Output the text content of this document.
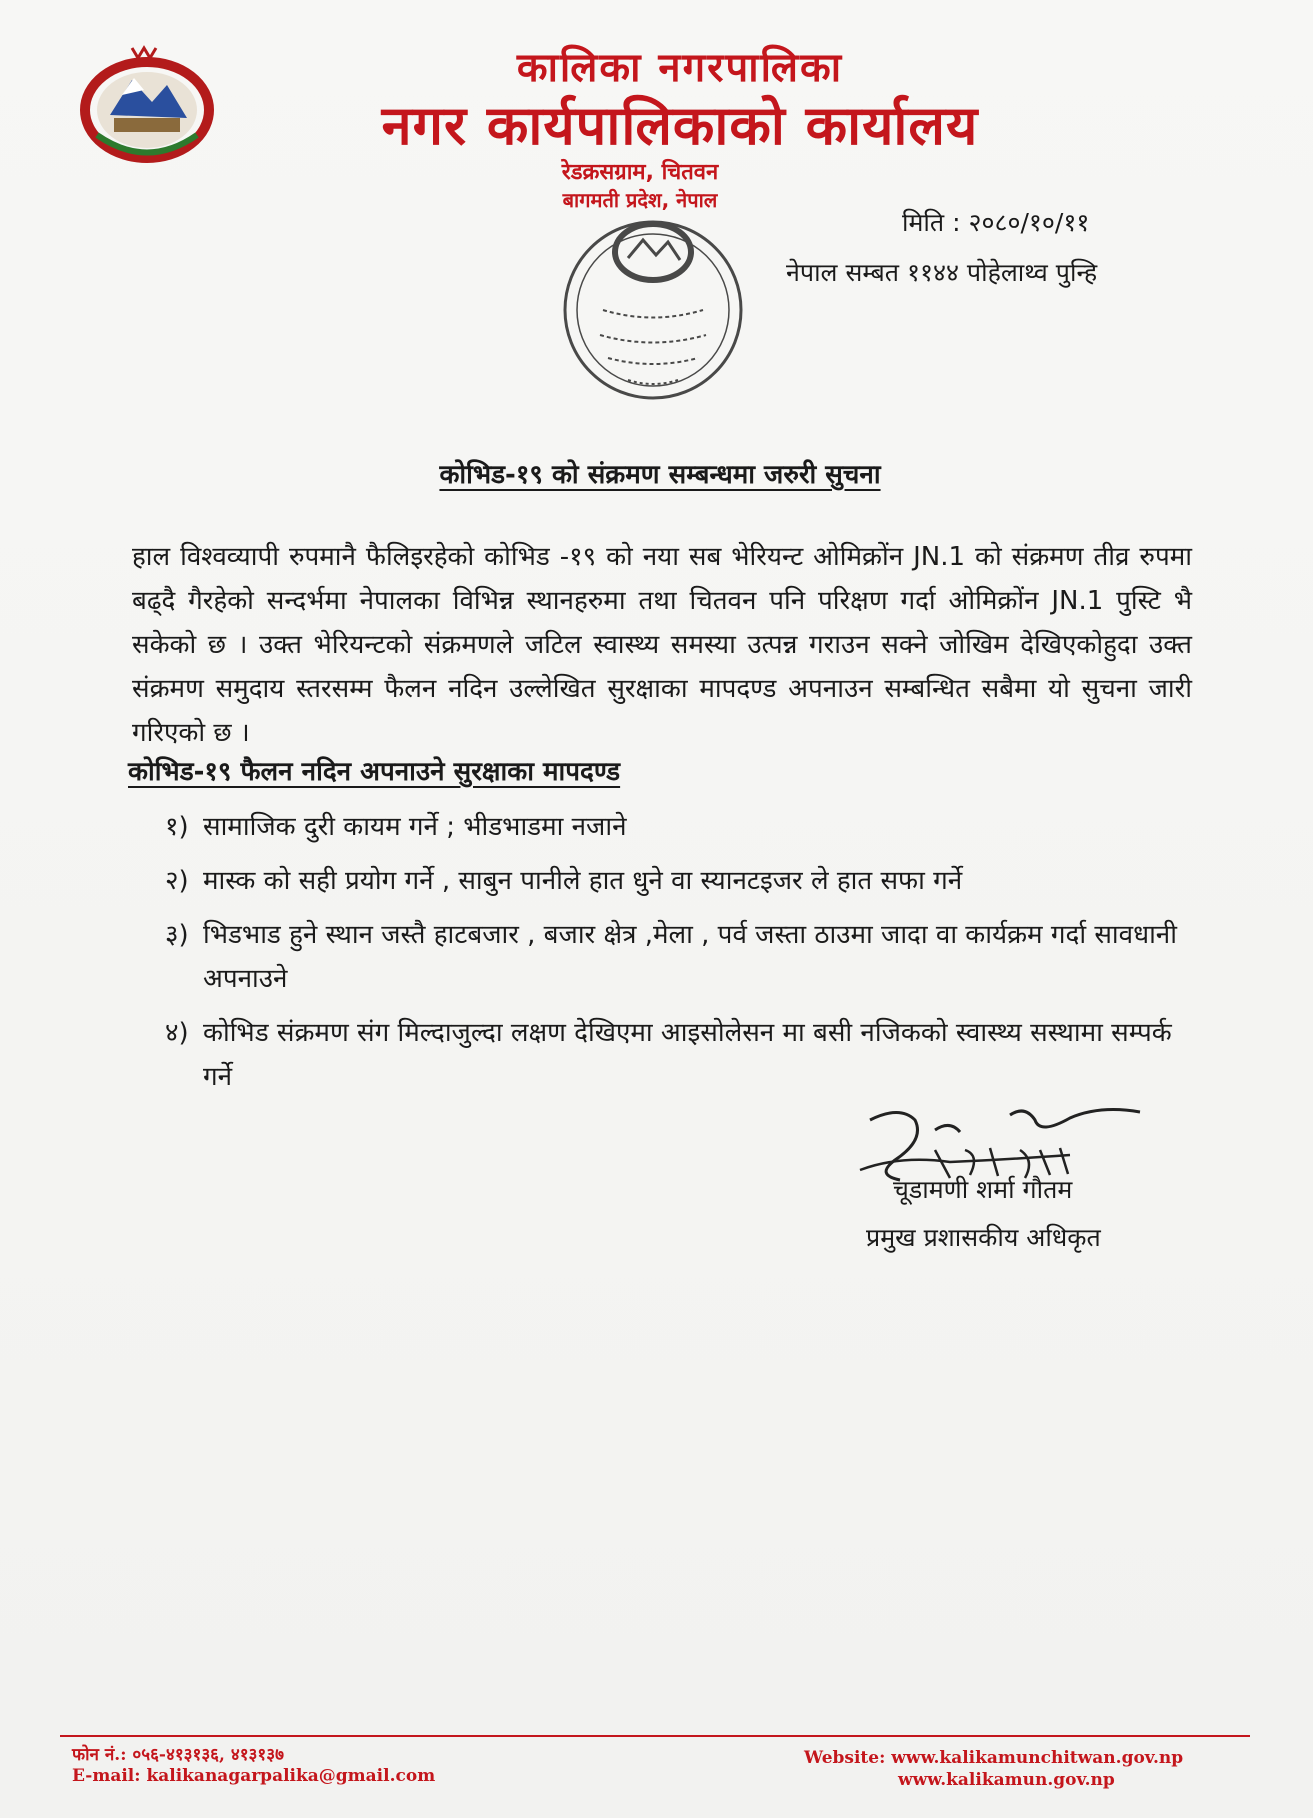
कालिका नगरपालिका
नगर कार्यपालिकाको कार्यालय
रेडक्रसग्राम, चितवन
बागमती प्रदेश, नेपाल
मिति : २०८०/१०/११
नेपाल सम्बत ११४४ पोहेलाथ्व पुन्हि
कोभिड-१९ को संक्रमण सम्बन्धमा जरुरी सुचना
हाल विश्वव्यापी रुपमानै फैलिइरहेको कोभिड -१९ को नया सब भेरियन्ट ओमिक्रोंन JN.1 को संक्रमण तीव्र रुपमा बढ्दै गैरहेको सन्दर्भमा नेपालका विभिन्न स्थानहरुमा तथा चितवन पनि परिक्षण गर्दा ओमिक्रोंन JN.1 पुस्टि भै सकेको छ । उक्त भेरियन्टको संक्रमणले जटिल स्वास्थ्य समस्या उत्पन्न गराउन सक्ने जोखिम देखिएकोहुदा उक्त संक्रमण समुदाय स्तरसम्म फैलन नदिन उल्लेखित सुरक्षाका मापदण्ड अपनाउन सम्बन्धित सबैमा यो सुचना जारी गरिएको छ ।
कोभिड-१९ फैलन नदिन अपनाउने सुरक्षाका मापदण्ड
१) सामाजिक दुरी कायम गर्ने ; भीडभाडमा नजाने
२) मास्क को सही प्रयोग गर्ने , साबुन पानीले हात धुने वा स्यानटइजर ले हात सफा गर्ने
३) भिडभाड हुने स्थान जस्तै हाटबजार , बजार क्षेत्र ,मेला , पर्व जस्ता ठाउमा जादा वा कार्यक्रम गर्दा सावधानी अपनाउने
४) कोभिड संक्रमण संग मिल्दाजुल्दा लक्षण देखिएमा आइसोलेसन मा बसी नजिकको स्वास्थ्य सस्थामा सम्पर्क गर्ने
चूडामणी शर्मा गौतम
प्रमुख प्रशासकीय अधिकृत
फोन नं.: ०५६-४१३१३६, ४१३१३७
E-mail: kalikanagarpalika@gmail.com
Website: www.kalikamunchitwan.gov.np
www.kalikamun.gov.np
